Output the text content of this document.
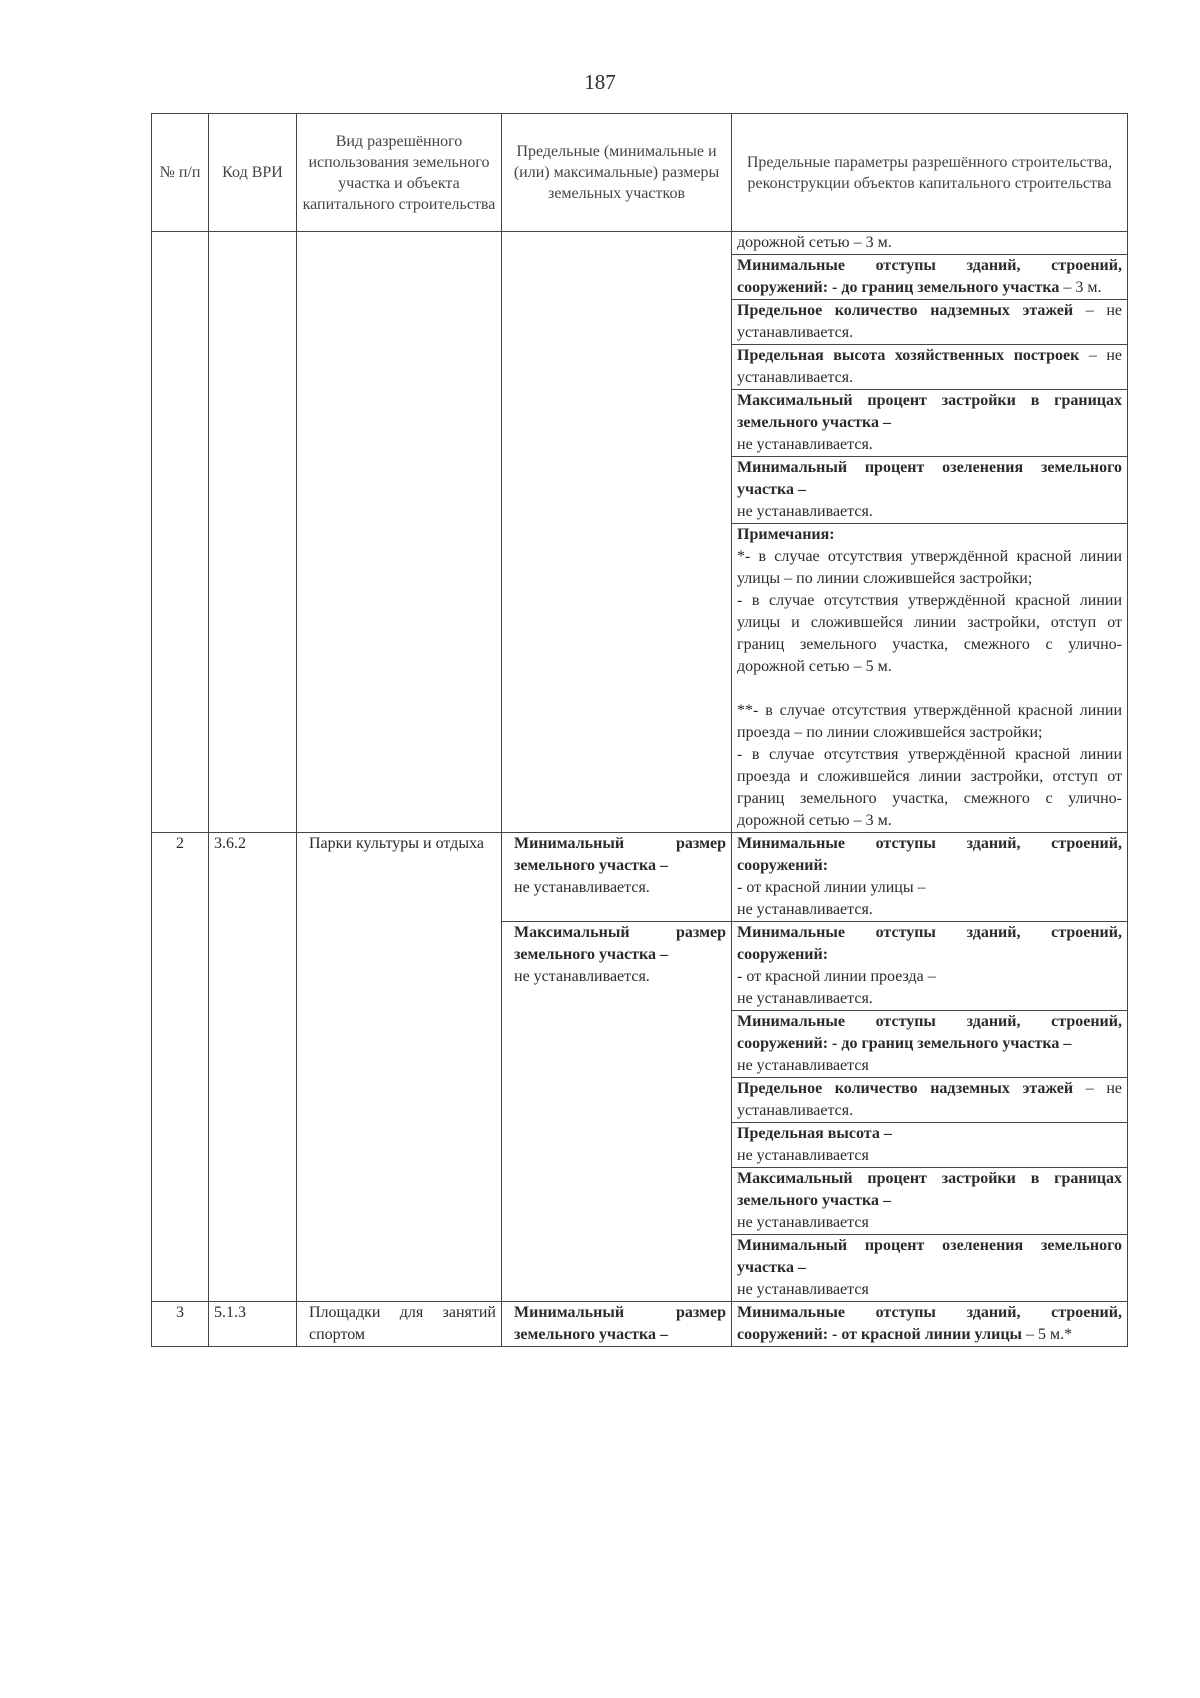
187
№ п/п	Код ВРИ	Вид разрешённого использования земельного участка и объекта капитального строительства	Предельные (минимальные и (или) максимальные) размеры земельных участков	Предельные параметры разрешённого строительства, реконструкции объектов капитального строительства
				дорожной сетью – 3 м.
				Минимальные отступы зданий, строений, сооружений: - до границ земельного участка – 3 м.
				Предельное количество надземных этажей – не устанавливается.
				Предельная высота хозяйственных построек – не устанавливается.
				Максимальный процент застройки в границах земельного участка –
не устанавливается.

				Минимальный процент озеленения земельного участка –
не устанавливается.

				Примечания:
*- в случае отсутствия утверждённой красной линии улицы – по линии сложившейся застройки;
- в случае отсутствия утверждённой красной линии улицы и сложившейся линии застройки, отступ от границ земельного участка, смежного с улично-дорожной сетью – 5 м.
**- в случае отсутствия утверждённой красной линии проезда – по линии сложившейся застройки;
- в случае отсутствия утверждённой красной линии проезда и сложившейся линии застройки, отступ от границ земельного участка, смежного с улично-дорожной сетью – 3 м.

2	3.6.2	Парки культуры и отдыха	Минимальный размер земельного участка –
не устанавливается.	Минимальные отступы зданий, строений, сооружений:
- от красной линии улицы –
не устанавливается.

			Максимальный размер земельного участка –
не устанавливается.	Минимальные отступы зданий, строений, сооружений:
- от красной линии проезда –
не устанавливается.

				Минимальные отступы зданий, строений, сооружений: - до границ земельного участка –
не устанавливается

				Предельное количество надземных этажей – не устанавливается.
				Предельная высота –
не устанавливается

				Максимальный процент застройки в границах земельного участка –
не устанавливается

				Минимальный процент озеленения земельного участка –
не устанавливается

3	5.1.3	Площадки для занятий спортом	Минимальный размер земельного участка –	Минимальные отступы зданий, строений, сооружений: - от красной линии улицы – 5 м.*
